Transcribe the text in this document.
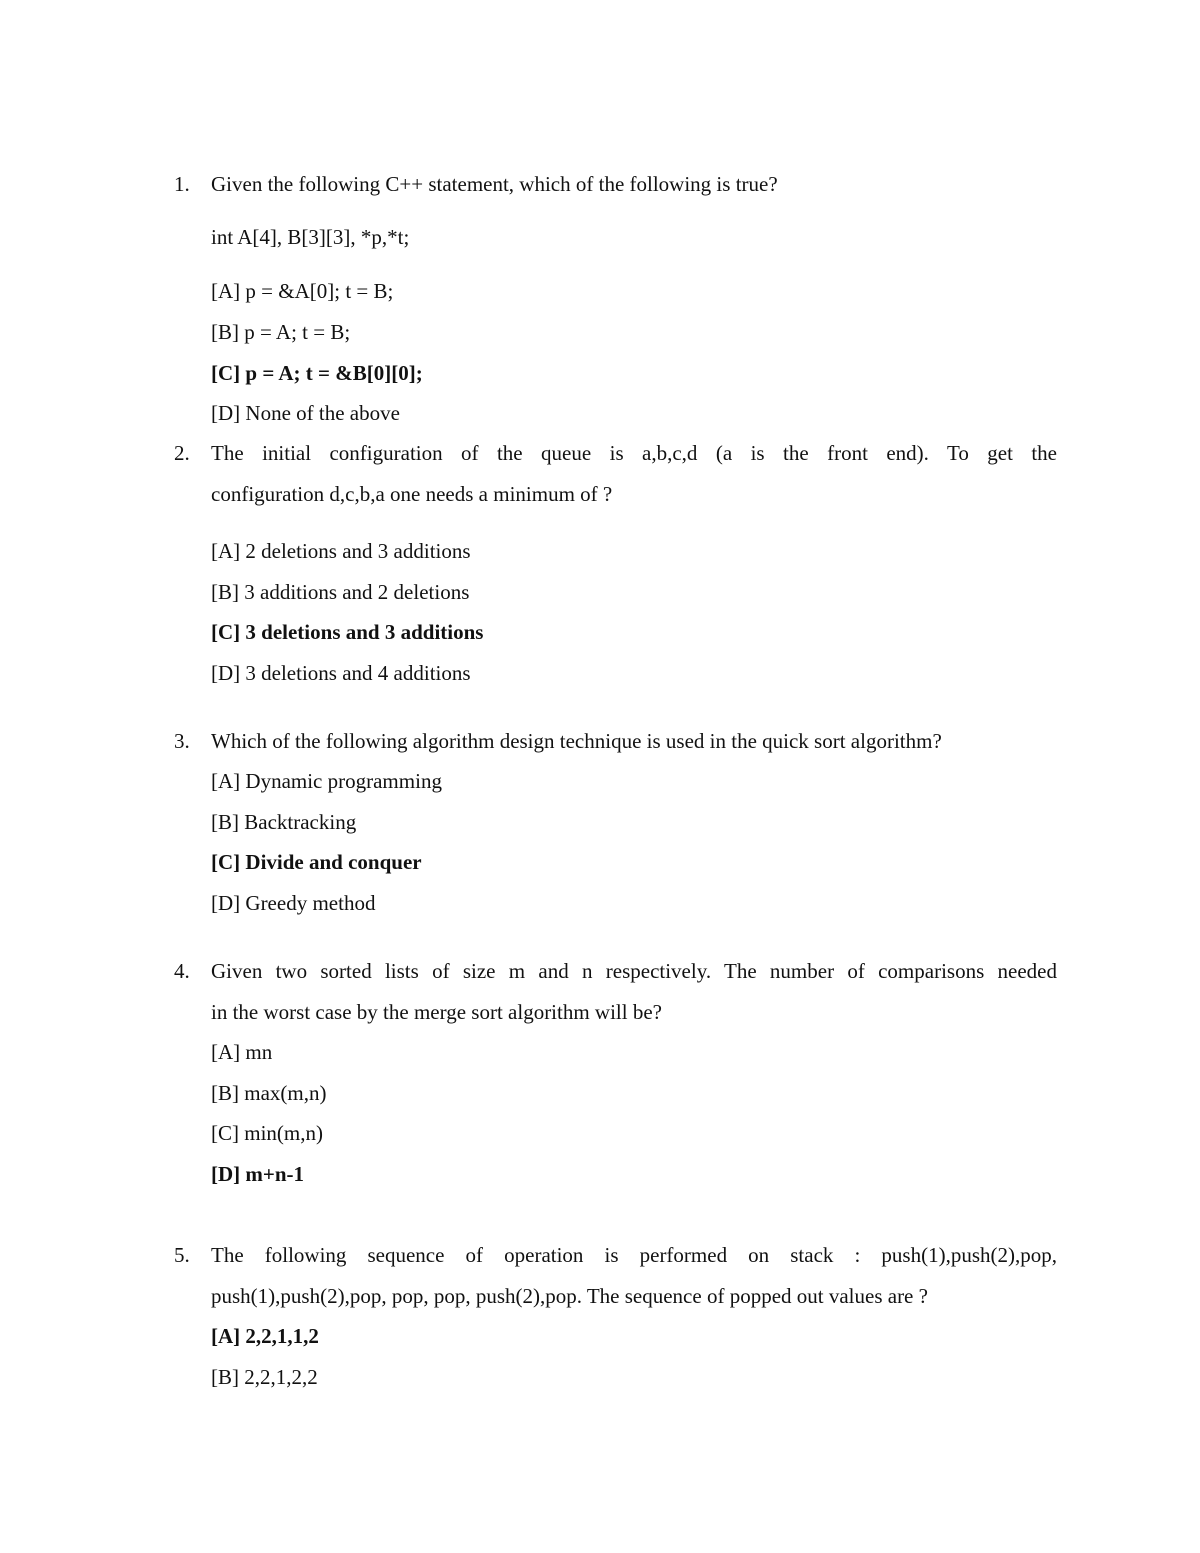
1. Given the following C++ statement, which of the following is true?
int A[4], B[3][3], *p,*t;
[A] p = &A[0]; t = B;
[B] p = A; t = B;
[C] p = A; t = &B[0][0];
[D] None of the above
2. The initial configuration of the queue is a,b,c,d (a is the front end). To get the
configuration d,c,b,a one needs a minimum of ?
[A] 2 deletions and 3 additions
[B] 3 additions and 2 deletions
[C] 3 deletions and 3 additions
[D] 3 deletions and 4 additions
3. Which of the following algorithm design technique is used in the quick sort algorithm?
[A] Dynamic programming
[B] Backtracking
[C] Divide and conquer
[D] Greedy method
4. Given two sorted lists of size m and n respectively. The number of comparisons needed
in the worst case by the merge sort algorithm will be?
[A] mn
[B] max(m,n)
[C] min(m,n)
[D] m+n-1
5. The following sequence of operation is performed on stack : push(1),push(2),pop,
push(1),push(2),pop, pop, pop, push(2),pop. The sequence of popped out values are ?
[A] 2,2,1,1,2
[B] 2,2,1,2,2
